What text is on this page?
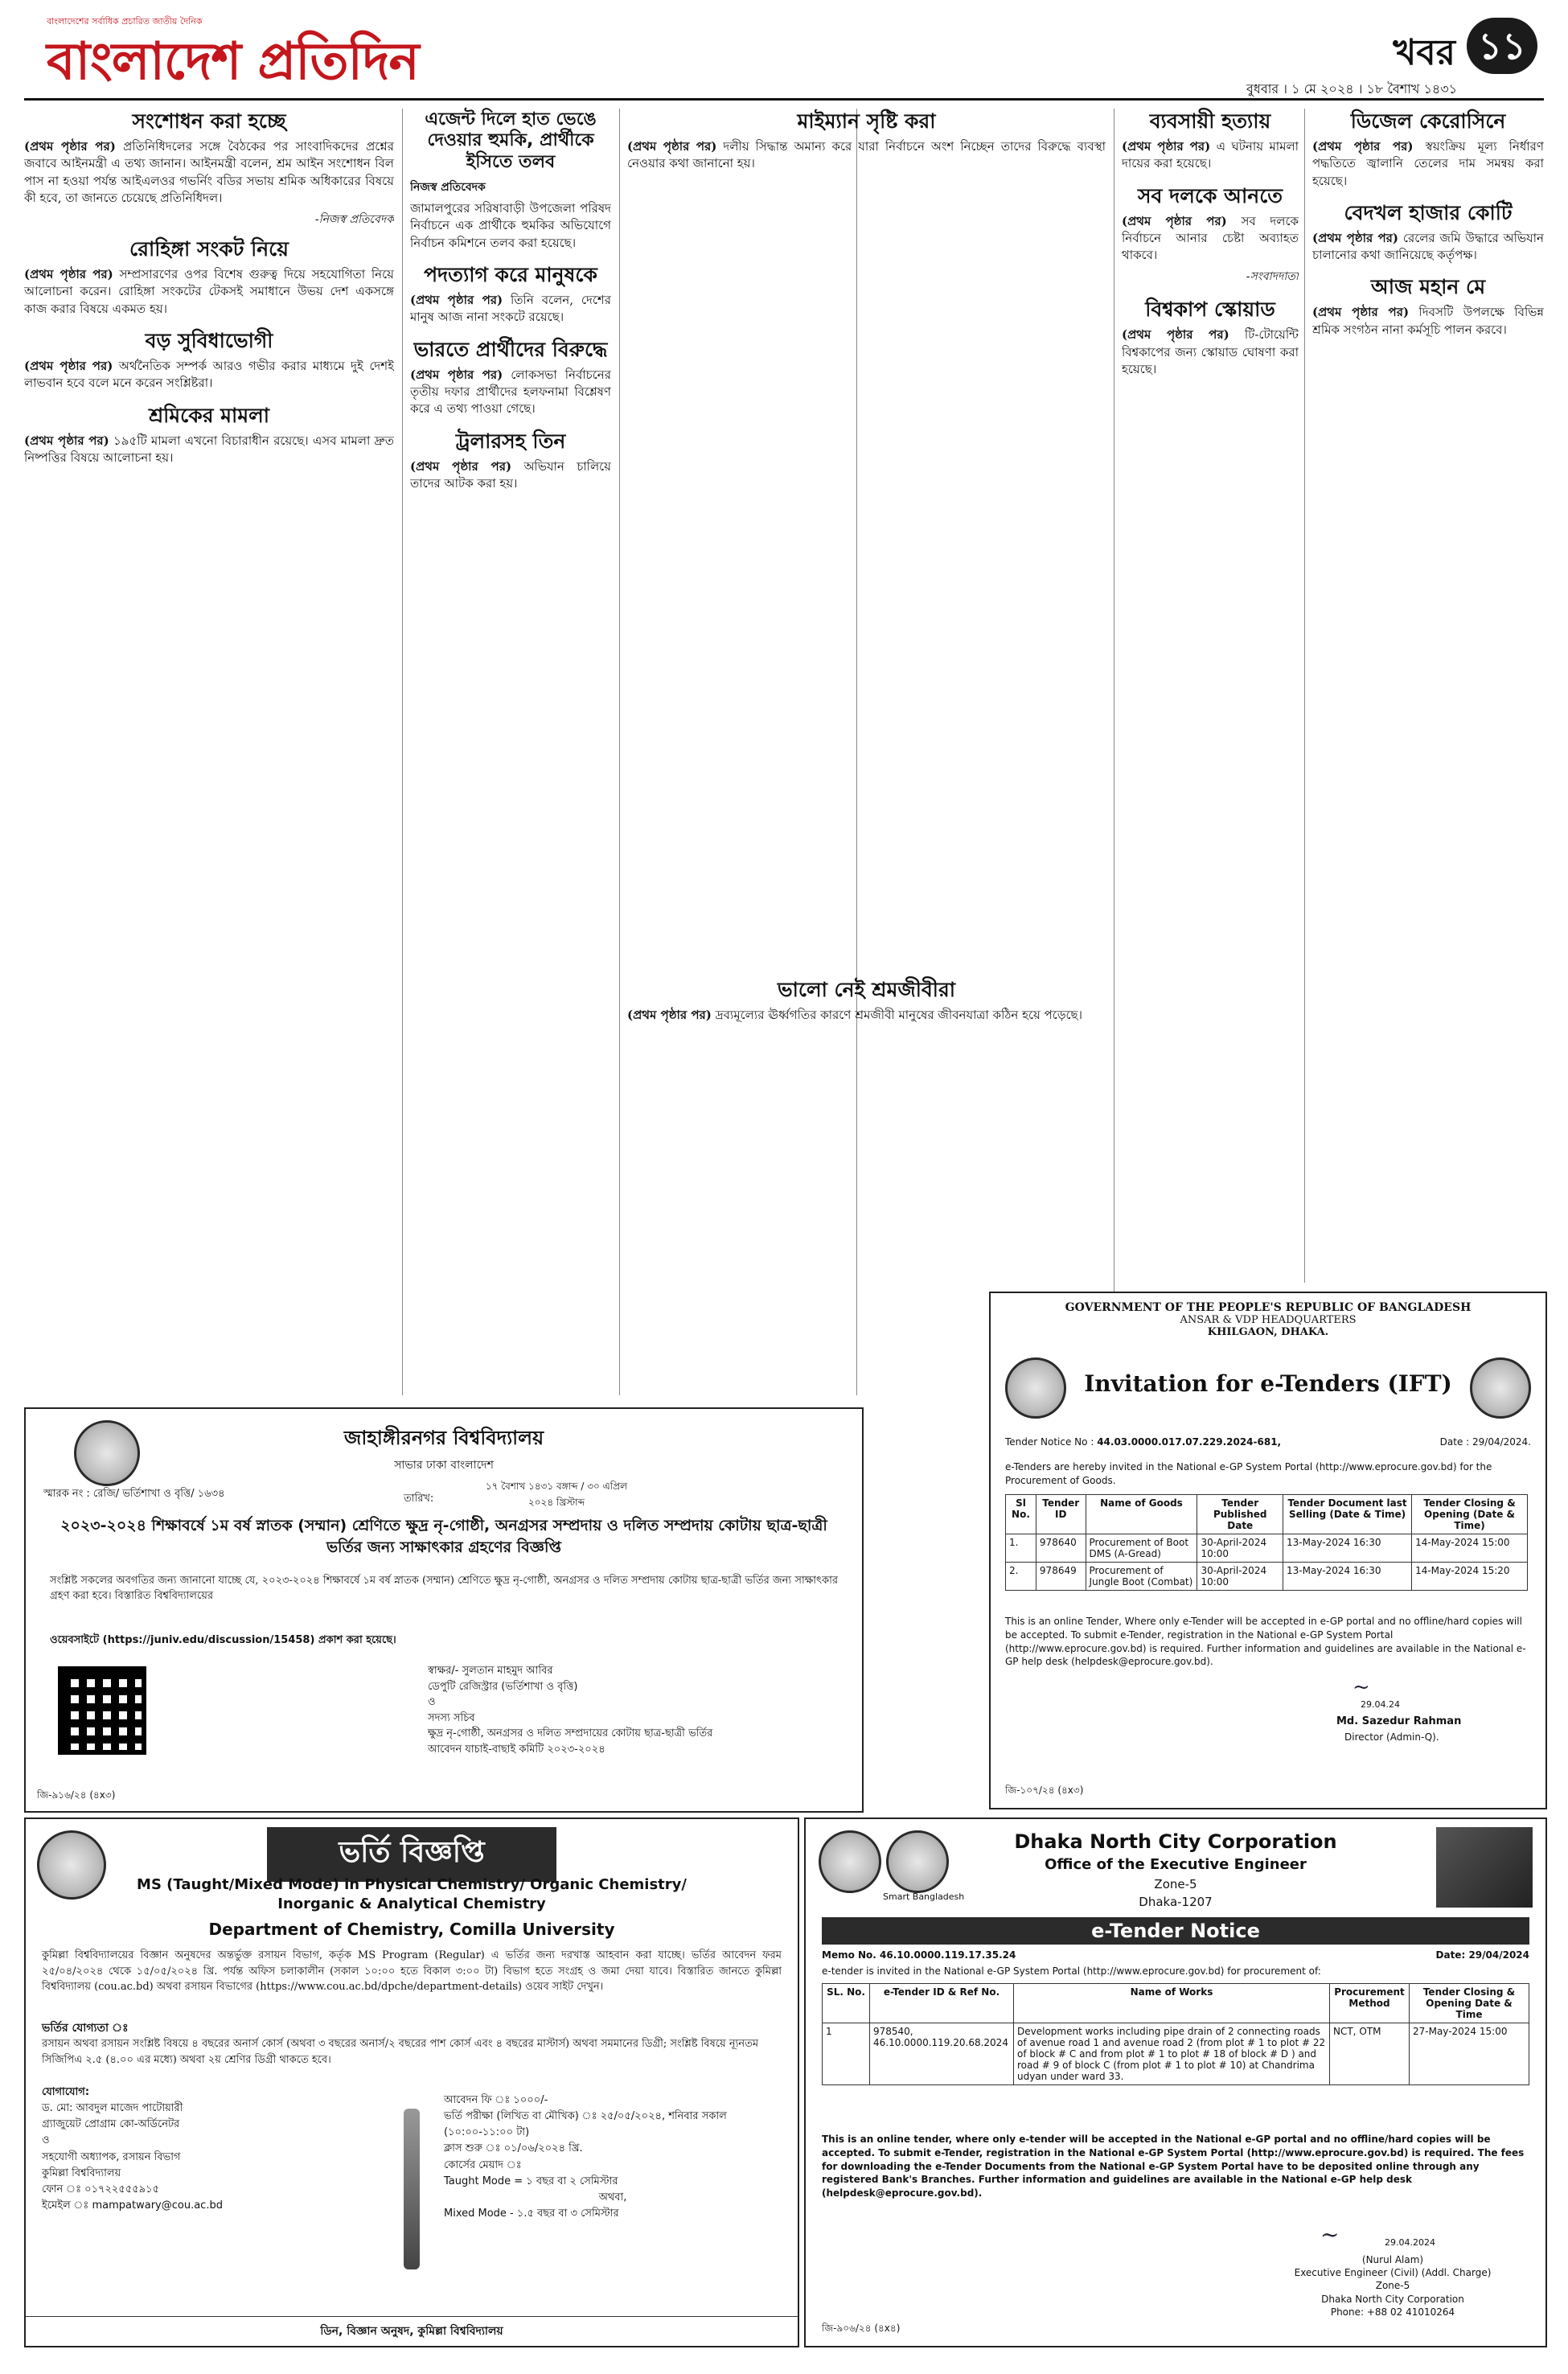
বাংলাদেশের সর্বাধিক প্রচারিত জাতীয় দৈনিক
বাংলাদেশ প্রতিদিন	খবর ১১
বুধবার । ১ মে ২০২৪ । ১৮ বৈশাখ ১৪৩১
সংশোধন করা হচ্ছে

(প্রথম পৃষ্ঠার পর) প্রতিনিধিদলের সঙ্গে বৈঠকের পর সাংবাদিকদের প্রশ্নের জবাবে আইনমন্ত্রী এ তথ্য জানান। আইনমন্ত্রী বলেন, শ্রম আইন সংশোধন বিল পাস না হওয়া পর্যন্ত আইএলওর গভর্নিং বডির সভায় শ্রমিক অধিকারের বিষয়ে কী হবে, তা জানতে চেয়েছে প্রতিনিধিদল।

-নিজস্ব প্রতিবেদক
রোহিঙ্গা সংকট নিয়ে

(প্রথম পৃষ্ঠার পর) সম্প্রসারণের ওপর বিশেষ গুরুত্ব দিয়ে সহযোগিতা নিয়ে আলোচনা করেন। রোহিঙ্গা সংকটের টেকসই সমাধানে উভয় দেশ একসঙ্গে কাজ করার বিষয়ে একমত হয়।

বড় সুবিধাভোগী

(প্রথম পৃষ্ঠার পর) অর্থনৈতিক সম্পর্ক আরও গভীর করার মাধ্যমে দুই দেশই লাভবান হবে বলে মনে করেন সংশ্লিষ্টরা।

শ্রমিকের মামলা

(প্রথম পৃষ্ঠার পর) ১৯৫টি মামলা এখনো বিচারাধীন রয়েছে। এসব মামলা দ্রুত নিষ্পত্তির বিষয়ে আলোচনা হয়।

এজেন্ট দিলে হাত ভেঙে দেওয়ার হুমকি, প্রার্থীকে ইসিতে তলব
নিজস্ব প্রতিবেদক

জামালপুরের সরিষাবাড়ী উপজেলা পরিষদ নির্বাচনে এক প্রার্থীকে হুমকির অভিযোগে নির্বাচন কমিশনে তলব করা হয়েছে।

পদত্যাগ করে মানুষকে

(প্রথম পৃষ্ঠার পর) তিনি বলেন, দেশের মানুষ আজ নানা সংকটে রয়েছে।

ভারতে প্রার্থীদের বিরুদ্ধে

(প্রথম পৃষ্ঠার পর) লোকসভা নির্বাচনের তৃতীয় দফার প্রার্থীদের হলফনামা বিশ্লেষণ করে এ তথ্য পাওয়া গেছে।

ট্রলারসহ তিন

(প্রথম পৃষ্ঠার পর) অভিযান চালিয়ে তাদের আটক করা হয়।

মাইম্যান সৃষ্টি করা

(প্রথম পৃষ্ঠার পর) দলীয় সিদ্ধান্ত অমান্য করে যারা নির্বাচনে অংশ নিচ্ছেন তাদের বিরুদ্ধে ব্যবস্থা নেওয়ার কথা জানানো হয়।

ভালো নেই শ্রমজীবীরা

(প্রথম পৃষ্ঠার পর) দ্রব্যমূল্যের ঊর্ধ্বগতির কারণে শ্রমজীবী মানুষের জীবনযাত্রা কঠিন হয়ে পড়েছে।

ব্যবসায়ী হত্যায়

(প্রথম পৃষ্ঠার পর) এ ঘটনায় মামলা দায়ের করা হয়েছে।

সব দলকে আনতে

(প্রথম পৃষ্ঠার পর) সব দলকে নির্বাচনে আনার চেষ্টা অব্যাহত থাকবে।

-সংবাদদাতা
বিশ্বকাপ স্কোয়াড

(প্রথম পৃষ্ঠার পর) টি-টোয়েন্টি বিশ্বকাপের জন্য স্কোয়াড ঘোষণা করা হয়েছে।

ডিজেল কেরোসিনে

(প্রথম পৃষ্ঠার পর) স্বয়ংক্রিয় মূল্য নির্ধারণ পদ্ধতিতে জ্বালানি তেলের দাম সমন্বয় করা হয়েছে।

বেদখল হাজার কোটি

(প্রথম পৃষ্ঠার পর) রেলের জমি উদ্ধারে অভিযান চালানোর কথা জানিয়েছে কর্তৃপক্ষ।

আজ মহান মে

(প্রথম পৃষ্ঠার পর) দিবসটি উপলক্ষে বিভিন্ন শ্রমিক সংগঠন নানা কর্মসূচি পালন করবে।

জাহাঙ্গীরনগর বিশ্ববিদ্যালয়
সাভার ঢাকা বাংলাদেশ
স্মারক নং : রেজি/ ভর্তিশাখা ও বৃত্তি/ ১৬৩৪	তারিখ:
১৭ বৈশাখ ১৪৩১ বঙ্গাব্দ / ৩০ এপ্রিল ২০২৪ খ্রিস্টাব্দ
২০২৩-২০২৪ শিক্ষাবর্ষে ১ম বর্ষ স্নাতক (সম্মান) শ্রেণিতে ক্ষুদ্র নৃ-গোষ্ঠী, অনগ্রসর সম্প্রদায় ও দলিত সম্প্রদায় কোটায় ছাত্র-ছাত্রী ভর্তির জন্য সাক্ষাৎকার গ্রহণের বিজ্ঞপ্তি
সংশ্লিষ্ট সকলের অবগতির জন্য জানানো যাচ্ছে যে, ২০২৩-২০২৪ শিক্ষাবর্ষে ১ম বর্ষ স্নাতক (সম্মান) শ্রেণিতে ক্ষুদ্র নৃ-গোষ্ঠী, অনগ্রসর ও দলিত সম্প্রদায় কোটায় ছাত্র-ছাত্রী ভর্তির জন্য সাক্ষাৎকার গ্রহণ করা হবে। বিস্তারিত বিশ্ববিদ্যালয়ের
ওয়েবসাইটে (https://juniv.edu/discussion/15458) প্রকাশ করা হয়েছে।
স্বাক্ষর/- সুলতান মাহমুদ আবির
ডেপুটি রেজিস্ট্রার (ভর্তিশাখা ও বৃত্তি)
ও
সদস্য সচিব
ক্ষুদ্র নৃ-গোষ্ঠী, অনগ্রসর ও দলিত সম্প্রদায়ের কোটায় ছাত্র-ছাত্রী ভর্তির আবেদন যাচাই-বাছাই কমিটি ২০২৩-২০২৪
জি-৯১৬/২৪ (৪x৩)
GOVERNMENT OF THE PEOPLE'S REPUBLIC OF BANGLADESH
ANSAR & VDP HEADQUARTERS
KHILGAON, DHAKA.
Invitation for e-Tenders (IFT)
Tender Notice No : 44.03.0000.017.07.229.2024-681,	Date : 29/04/2024.
e-Tenders are hereby invited in the National e-GP System Portal (http://www.eprocure.gov.bd) for the Procurement of Goods.
Sl No.	Tender ID	Name of Goods	Tender Published Date	Tender Document last Selling (Date & Time)	Tender Closing & Opening (Date & Time)
1.	978640	Procurement of Boot DMS (A-Gread)	30-April-2024 10:00	13-May-2024 16:30	14-May-2024 15:00
2.	978649	Procurement of Jungle Boot (Combat)	30-April-2024 10:00	13-May-2024 16:30	14-May-2024 15:20
This is an online Tender, Where only e-Tender will be accepted in e-GP portal and no offline/hard copies will be accepted. To submit e-Tender, registration in the National e-GP System Portal (http://www.eprocure.gov.bd) is required. Further information and guidelines are available in the National e-GP help desk (helpdesk@eprocure.gov.bd).
~
29.04.24
Md. Sazedur Rahman
Director (Admin-Q).
জি-১০৭/২৪ (৪x৩)
ভর্তি বিজ্ঞপ্তি
MS (Taught/Mixed Mode) in Physical Chemistry/ Organic Chemistry/ Inorganic & Analytical Chemistry
Department of Chemistry, Comilla University
কুমিল্লা বিশ্ববিদ্যালয়ের বিজ্ঞান অনুষদের অন্তর্ভুক্ত রসায়ন বিভাগ, কর্তৃক MS Program (Regular) এ ভর্তির জন্য দরখাস্ত আহবান করা যাচ্ছে। ভর্তির আবেদন ফরম ২৫/০৪/২০২৪ থেকে ১৫/০৫/২০২৪ খ্রি. পর্যন্ত অফিস চলাকালীন (সকাল ১০:০০ হতে বিকাল ৩:০০ টা) বিভাগ হতে সংগ্রহ ও জমা দেয়া যাবে। বিস্তারিত জানতে কুমিল্লা বিশ্ববিদ্যালয় (cou.ac.bd) অথবা রসায়ন বিভাগের (https://www.cou.ac.bd/dpche/department-details) ওয়েব সাইট দেখুন।
ভর্তির যোগ্যতা ঃ
রসায়ন অথবা রসায়ন সংশ্লিষ্ট বিষয়ে ৪ বছরের অনার্স কোর্স (অথবা ৩ বছরের অনার্স/২ বছরের পাশ কোর্স এবং ৪ বছরের মাস্টার্স) অথবা সমমানের ডিগ্রী; সংশ্লিষ্ট বিষয়ে ন্যূনতম সিজিপিএ ২.৫ (৪.০০ এর মধ্যে) অথবা ২য় শ্রেণির ডিগ্রী থাকতে হবে।
যোগাযোগ:
ড. মো: আবদুল মাজেদ পাটোয়ারী
গ্র্যাজুয়েট প্রোগ্রাম কো-অর্ডিনেটর
ও
সহযোগী অধ্যাপক, রসায়ন বিভাগ
কুমিল্লা বিশ্ববিদ্যালয়
ফোন ঃ ০১৭২২৫৫৫৯১৫
ইমেইল ঃ mampatwary@cou.ac.bd
আবেদন ফি ঃ ১০০০/-
ভর্তি পরীক্ষা (লিখিত বা মৌখিক) ঃ ২৫/০৫/২০২৪, শনিবার সকাল (১০:০০-১১:০০ টা)
ক্লাস শুরু ঃ ০১/০৬/২০২৪ খ্রি.
কোর্সের মেয়াদ ঃ
Taught Mode = ১ বছর বা ২ সেমিস্টার
অথবা,
Mixed Mode - ১.৫ বছর বা ৩ সেমিস্টার
ডিন, বিজ্ঞান অনুষদ, কুমিল্লা বিশ্ববিদ্যালয়
Smart Bangladesh
Dhaka North City Corporation
Office of the Executive Engineer
Zone-5
Dhaka-1207
e-Tender Notice
Memo No. 46.10.0000.119.17.35.24	Date: 29/04/2024
e-tender is invited in the National e-GP System Portal (http://www.eprocure.gov.bd) for procurement of:
SL. No.	e-Tender ID & Ref No.	Name of Works	Procurement Method	Tender Closing & Opening Date & Time
1	978540, 46.10.0000.119.20.68.2024	Development works including pipe drain of 2 connecting roads of avenue road 1 and avenue road 2 (from plot # 1 to plot # 22 of block # C and from plot # 1 to plot # 18 of block # D ) and road # 9 of block C (from plot # 1 to plot # 10) at Chandrima udyan under ward 33.	NCT, OTM	27-May-2024 15:00
This is an online tender, where only e-tender will be accepted in the National e-GP portal and no offline/hard copies will be accepted. To submit e-Tender, registration in the National e-GP System Portal (http://www.eprocure.gov.bd) is required. The fees for downloading the e-Tender Documents from the National e-GP System Portal have to be deposited online through any registered Bank's Branches. Further information and guidelines are available in the National e-GP help desk (helpdesk@eprocure.gov.bd).
~	29.04.2024
(Nurul Alam)
Executive Engineer (Civil) (Addl. Charge)
Zone-5
Dhaka North City Corporation
Phone: +88 02 41010264
জি-৯০৬/২৪ (৪x৪)
